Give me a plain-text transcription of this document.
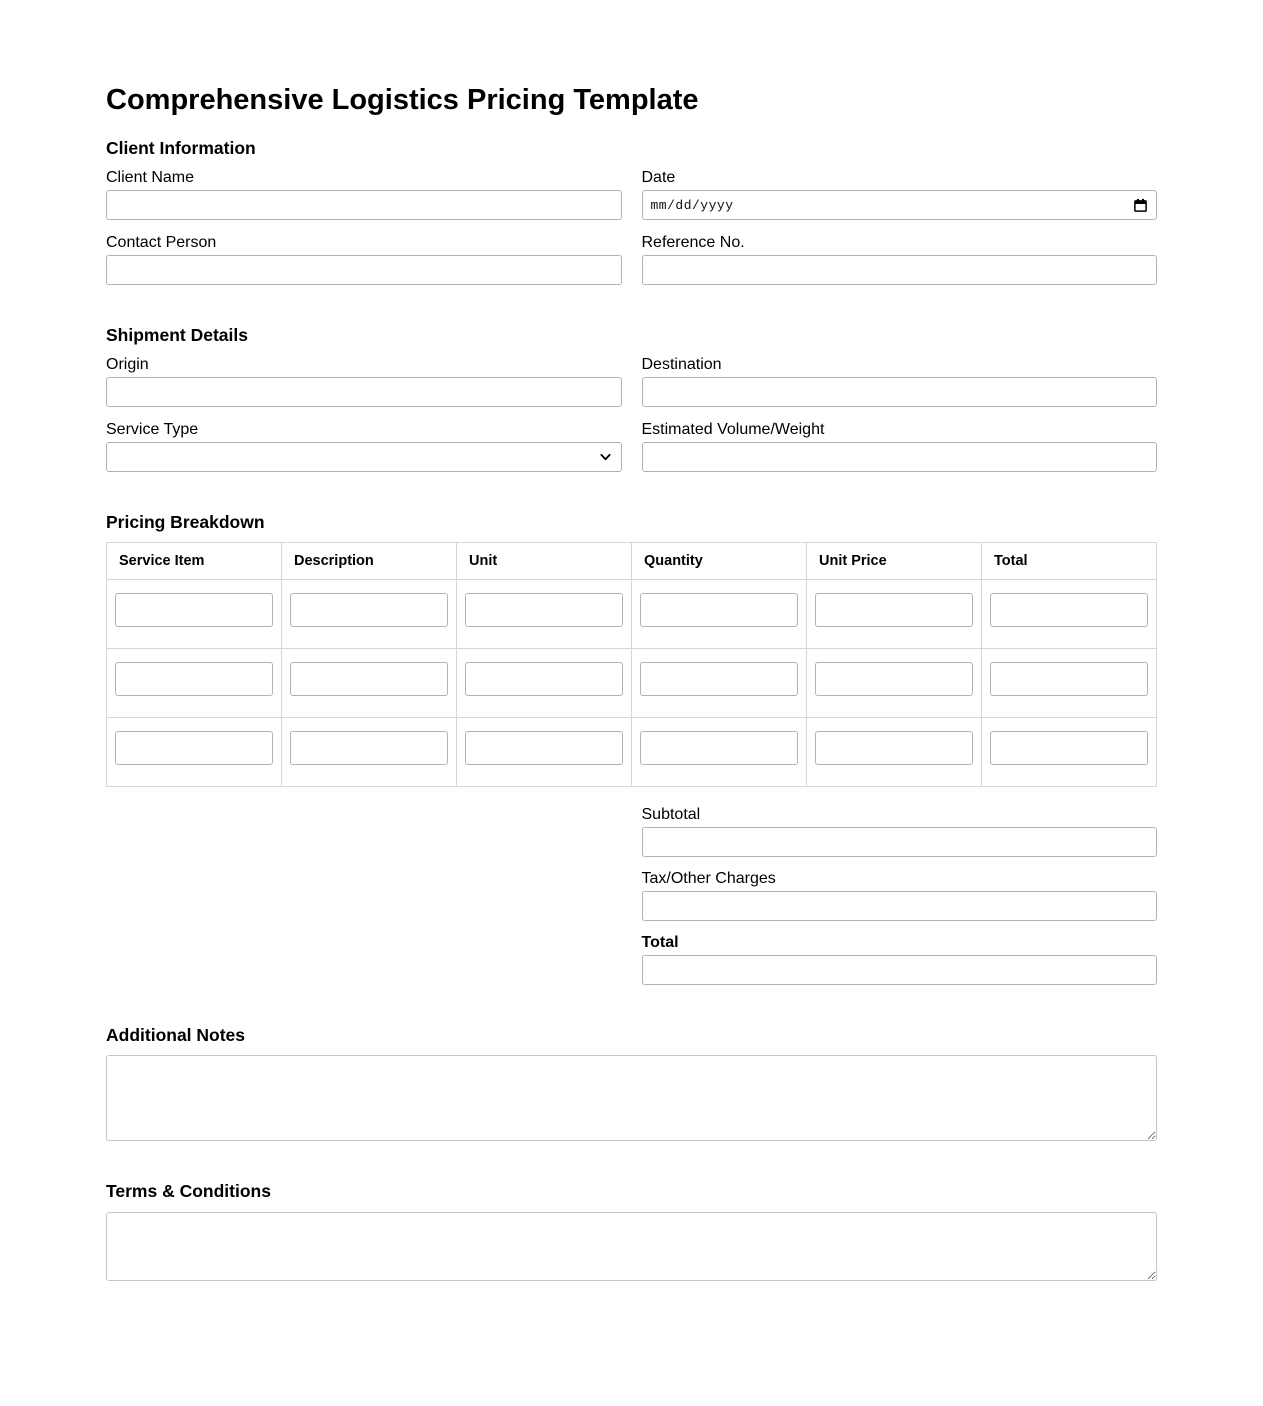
Comprehensive Logistics Pricing Template
Client Information
Client Name	Date
mm/dd/yyyy
Contact Person	Reference No.
Shipment Details
Origin	Destination
Service Type	Estimated Volume/Weight
Pricing Breakdown
Service Item	Description	Unit	Quantity	Unit Price	Total

Subtotal
Tax/Other Charges
Total
Additional Notes
Terms & Conditions
